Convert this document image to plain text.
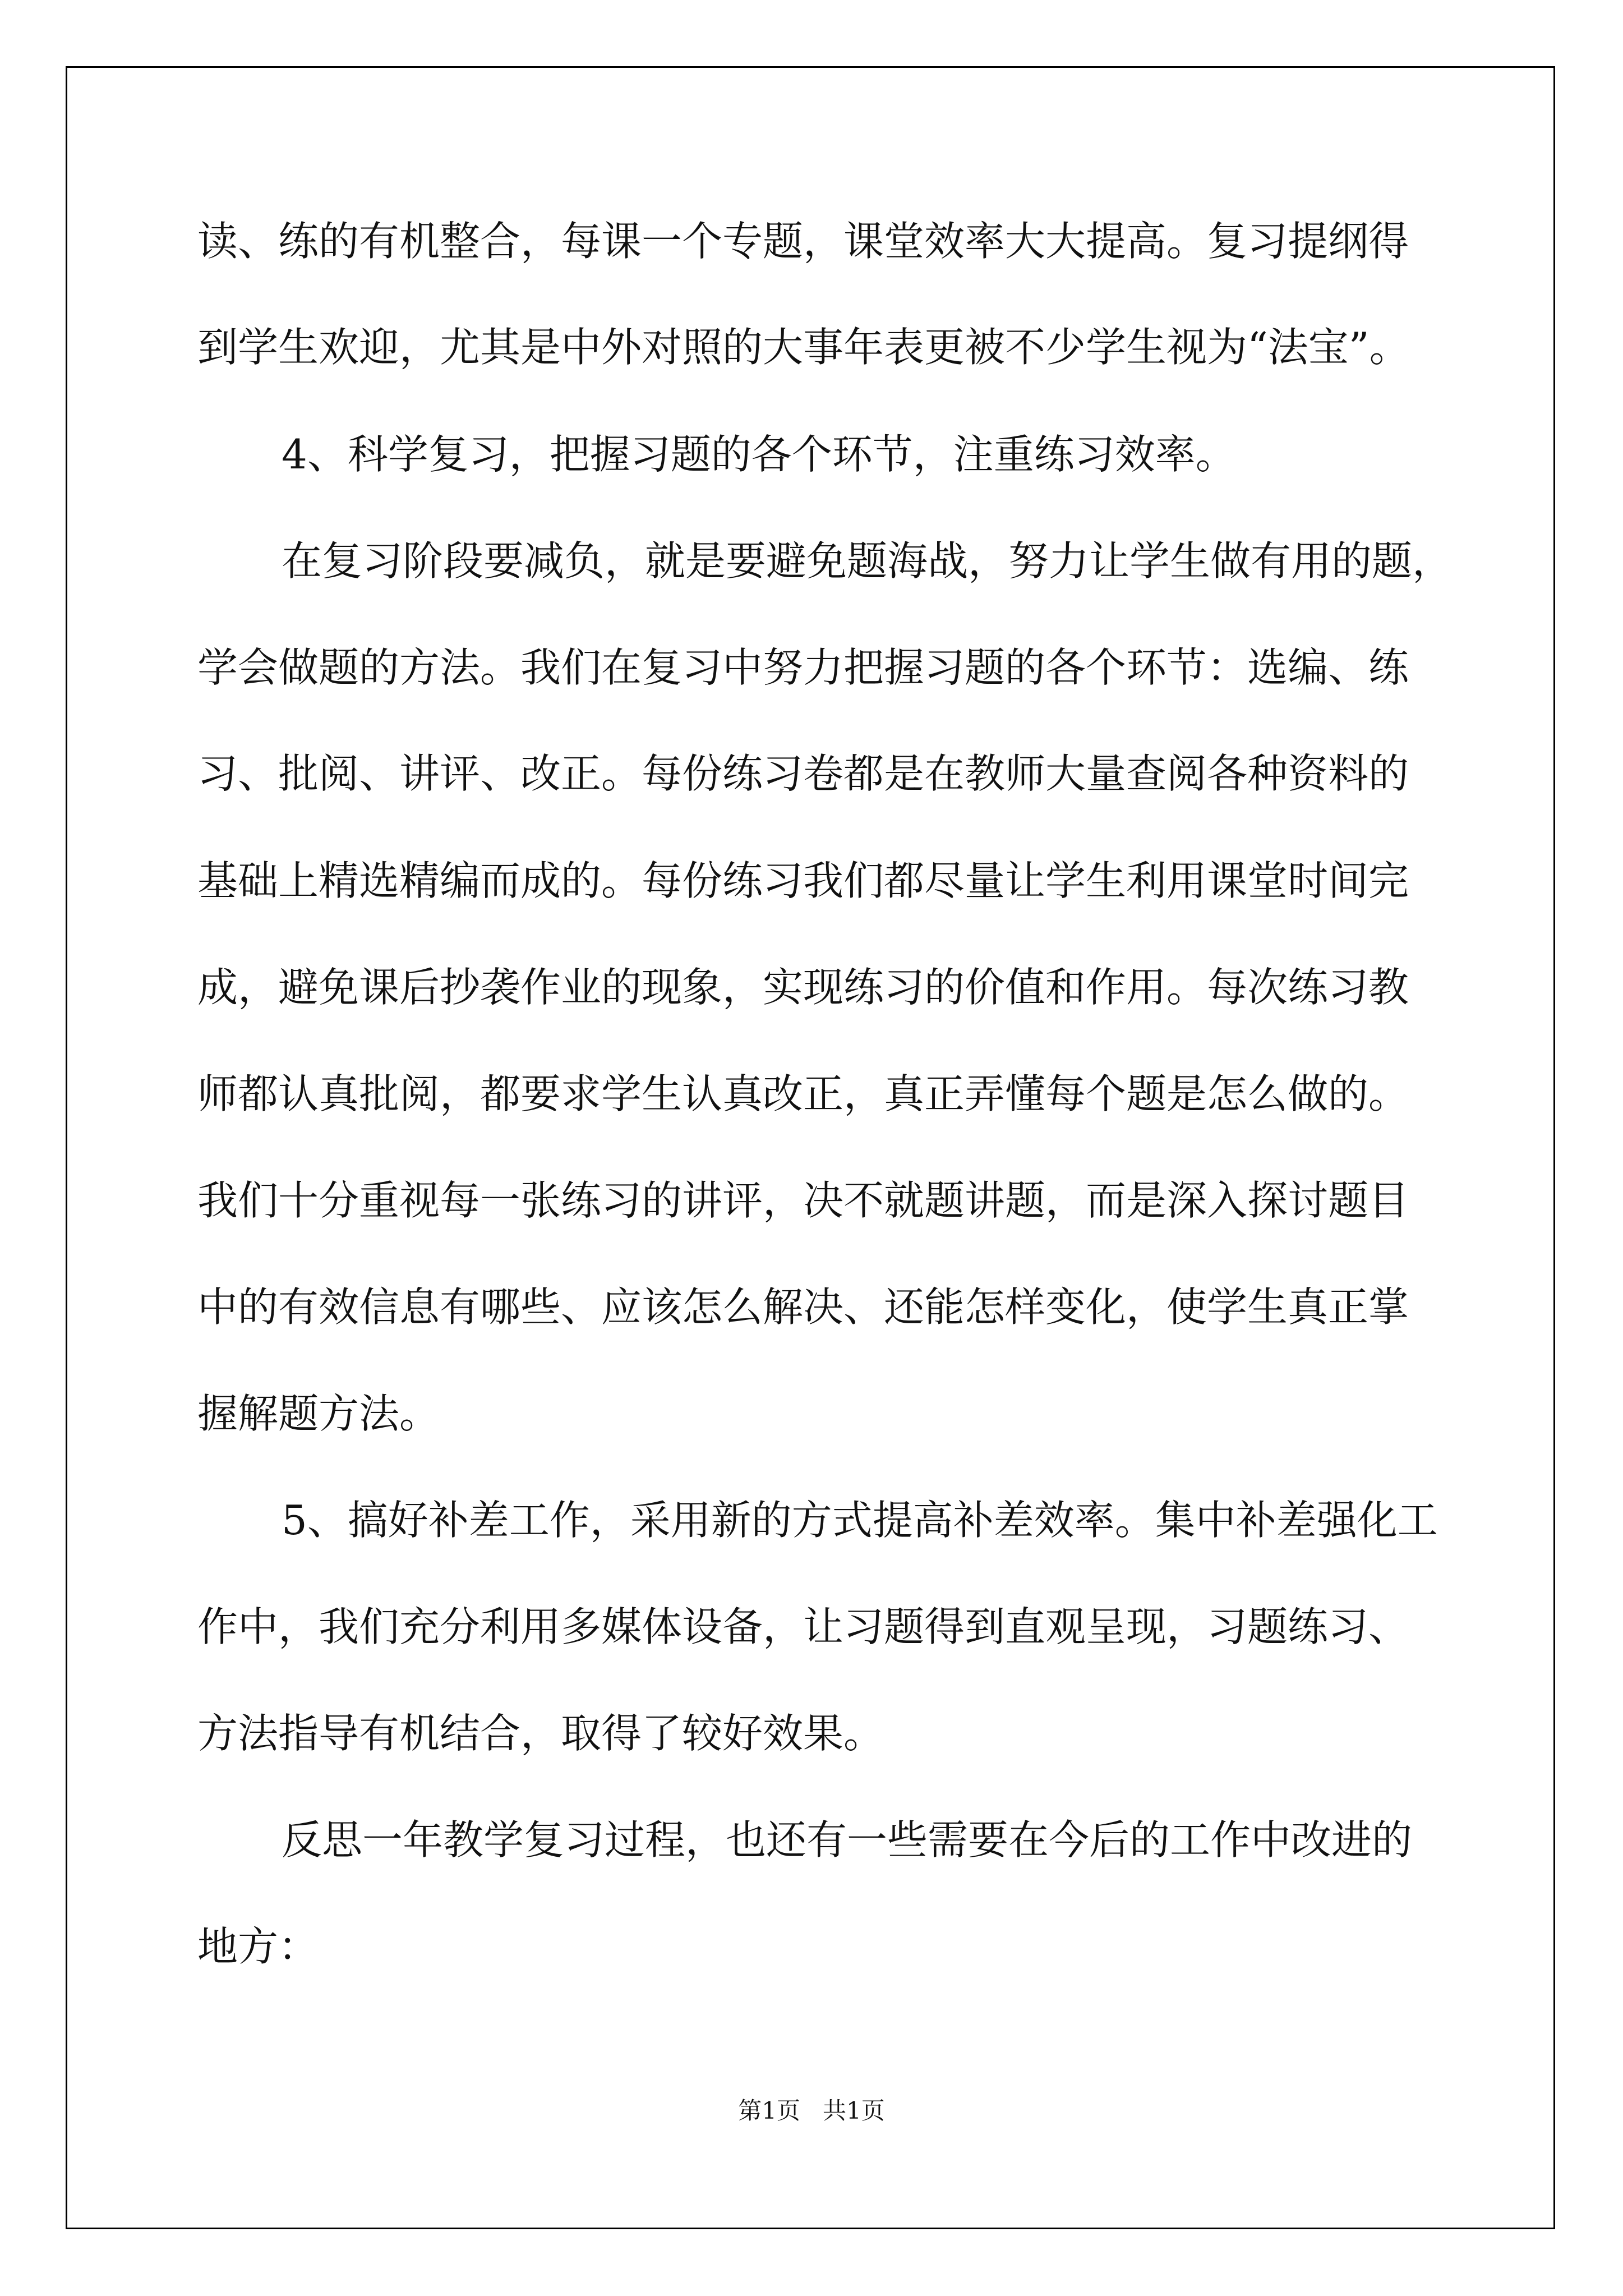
读、练的有机整合，每课一个专题，课堂效率大大提高。复习提纲得
到学生欢迎，尤其是中外对照的大事年表更被不少学生视为“法宝”。
4、科学复习，把握习题的各个环节，注重练习效率。
在复习阶段要减负，就是要避免题海战，努力让学生做有用的题，
学会做题的方法。我们在复习中努力把握习题的各个环节：选编、练
习、批阅、讲评、改正。每份练习卷都是在教师大量查阅各种资料的
基础上精选精编而成的。每份练习我们都尽量让学生利用课堂时间完
成，避免课后抄袭作业的现象，实现练习的价值和作用。每次练习教
师都认真批阅，都要求学生认真改正，真正弄懂每个题是怎么做的。
我们十分重视每一张练习的讲评，决不就题讲题，而是深入探讨题目
中的有效信息有哪些、应该怎么解决、还能怎样变化，使学生真正掌
握解题方法。
5、搞好补差工作，采用新的方式提高补差效率。集中补差强化工
作中，我们充分利用多媒体设备，让习题得到直观呈现，习题练习、
方法指导有机结合，取得了较好效果。
反思一年教学复习过程，也还有一些需要在今后的工作中改进的
地方：
第1页   共1页
